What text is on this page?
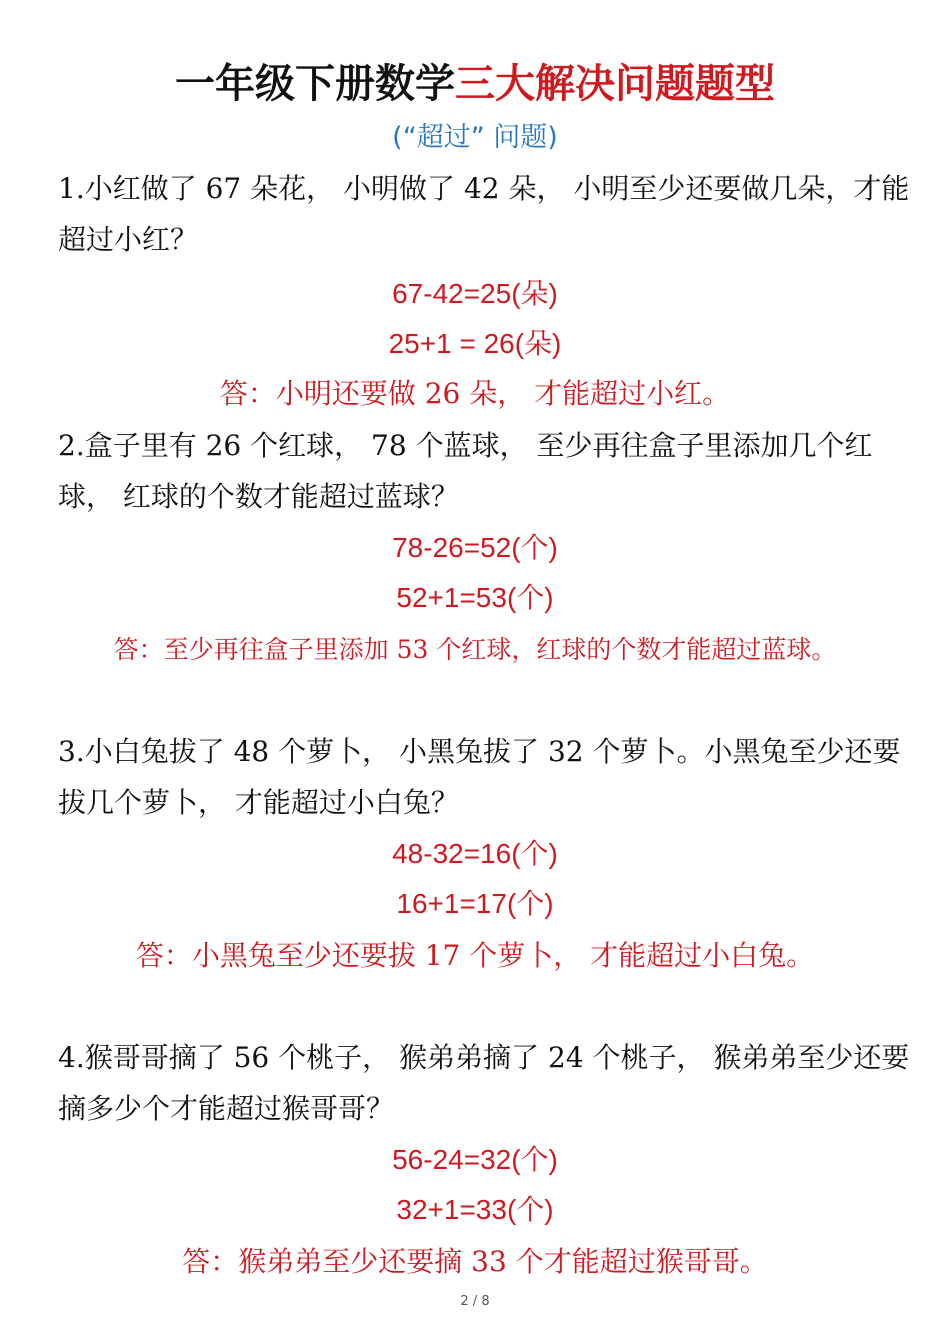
一年级下册数学三大解决问题题型
(“超过” 问题)
1.小红做了 67 朵花， 小明做了 42 朵， 小明至少还要做几朵，才能超过小红？
67-42=25(朵)
25+1 = 26(朵)
答：小明还要做 26 朵， 才能超过小红。
2.盒子里有 26 个红球， 78 个蓝球， 至少再往盒子里添加几个红球， 红球的个数才能超过蓝球？
78-26=52(个)
52+1=53(个)
答：至少再往盒子里添加 53 个红球，红球的个数才能超过蓝球。
3.小白兔拔了 48 个萝卜， 小黑兔拔了 32 个萝卜。小黑兔至少还要拔几个萝卜， 才能超过小白兔？
48-32=16(个)
16+1=17(个)
答：小黑兔至少还要拔 17 个萝卜， 才能超过小白兔。
4.猴哥哥摘了 56 个桃子， 猴弟弟摘了 24 个桃子， 猴弟弟至少还要摘多少个才能超过猴哥哥？
56-24=32(个)
32+1=33(个)
答：猴弟弟至少还要摘 33 个才能超过猴哥哥。
2 / 8
